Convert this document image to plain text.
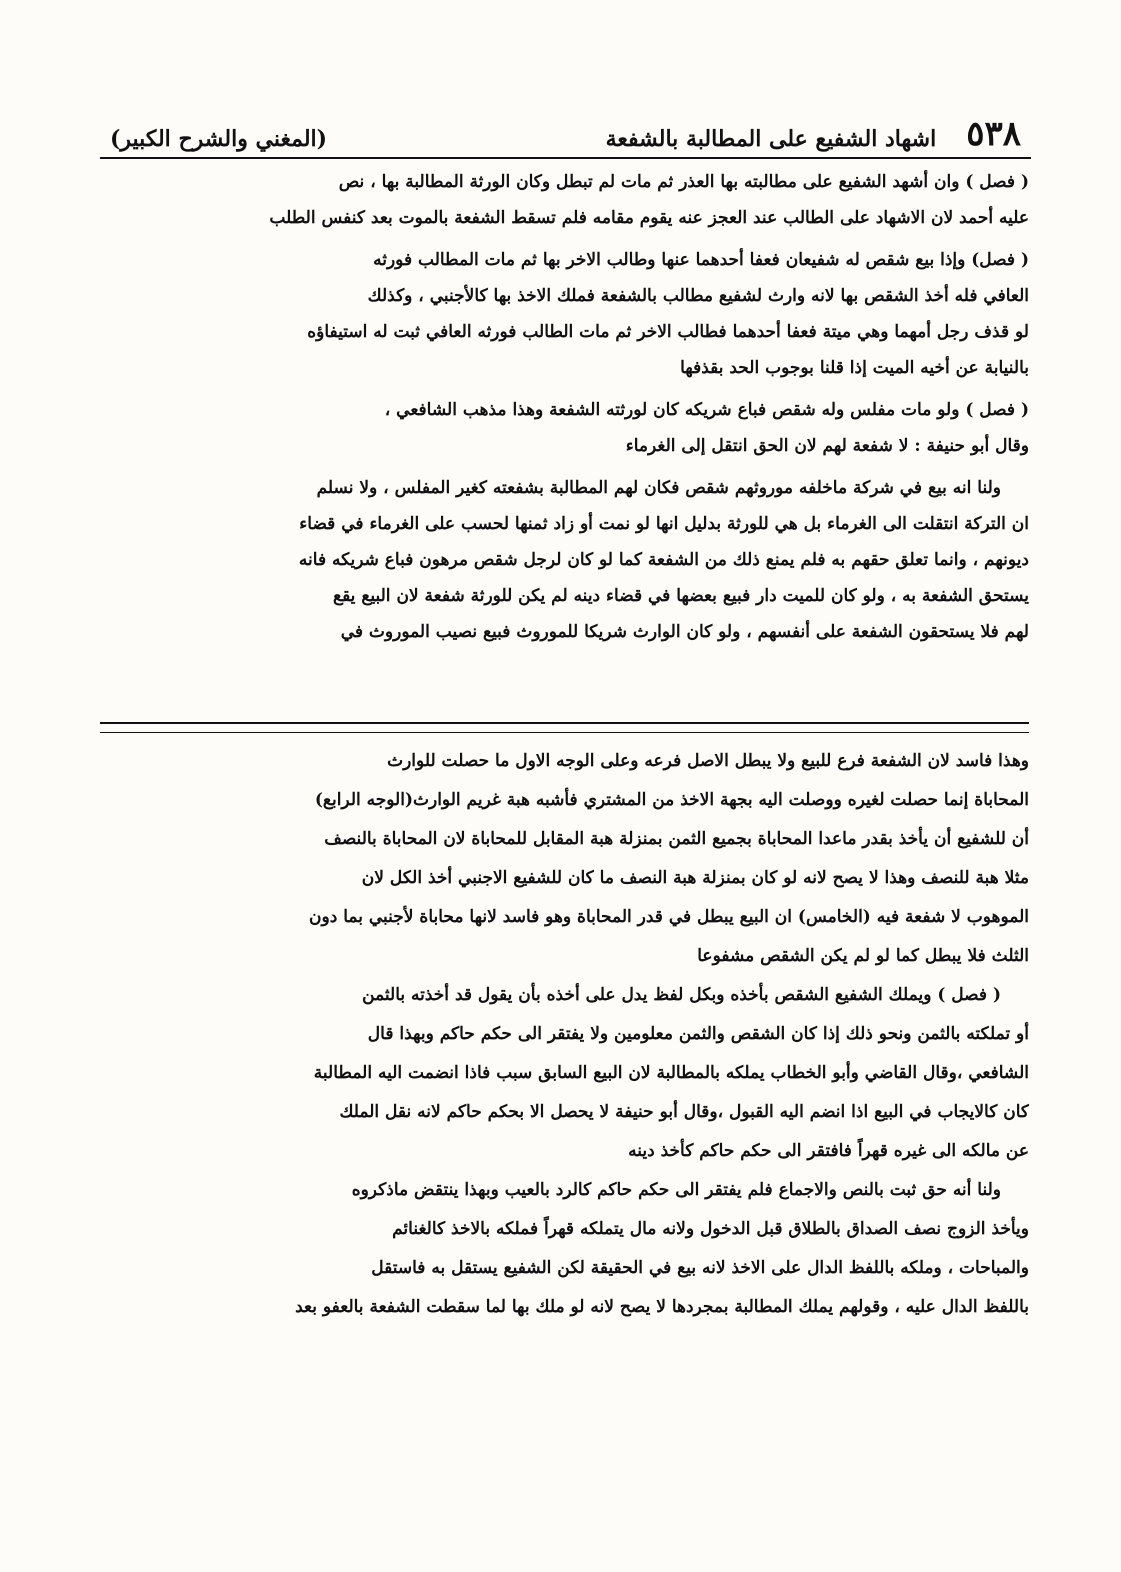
٥٣٨
اشهاد الشفيع على المطالبة بالشفعة
(المغني والشرح الكبير)
( فصل ) وان أشهد الشفيع على مطالبته بها العذر ثم مات لم تبطل وكان الورثة المطالبة بها ، نص
عليه أحمد لان الاشهاد على الطالب عند العجز عنه يقوم مقامه فلم تسقط الشفعة بالموت بعد كنفس الطلب
( فصل) وإذا بيع شقص له شفيعان فعفا أحدهما عنها وطالب الاخر بها ثم مات المطالب فورثه
العافي فله أخذ الشقص بها لانه وارث لشفيع مطالب بالشفعة فملك الاخذ بها كالأجنبي ، وكذلك
لو قذف رجل أمهما وهي ميتة فعفا أحدهما فطالب الاخر ثم مات الطالب فورثه العافي ثبت له استيفاؤه
بالنيابة عن أخيه الميت إذا قلنا بوجوب الحد بقذفها
( فصل ) ولو مات مفلس وله شقص فباع شريكه كان لورثته الشفعة وهذا مذهب الشافعي ،
وقال أبو حنيفة : لا شفعة لهم لان الحق انتقل إلى الغرماء
ولنا انه بيع في شركة ماخلفه موروثهم شقص فكان لهم المطالبة بشفعته كغير المفلس ، ولا نسلم
ان التركة انتقلت الى الغرماء بل هي للورثة بدليل انها لو نمت أو زاد ثمنها لحسب على الغرماء في قضاء
ديونهم ، وانما تعلق حقهم به فلم يمنع ذلك من الشفعة كما لو كان لرجل شقص مرهون فباع شريكه فانه
يستحق الشفعة به ، ولو كان للميت دار فبيع بعضها في قضاء دينه لم يكن للورثة شفعة لان البيع يقع
لهم فلا يستحقون الشفعة على أنفسهم ، ولو كان الوارث شريكا للموروث فبيع نصيب الموروث في
وهذا فاسد لان الشفعة فرع للبيع ولا يبطل الاصل فرعه وعلى الوجه الاول ما حصلت للوارث
المحاباة إنما حصلت لغيره ووصلت اليه بجهة الاخذ من المشتري فأشبه هبة غريم الوارث(الوجه الرابع)
أن للشفيع أن يأخذ بقدر ماعدا المحاباة بجميع الثمن بمنزلة هبة المقابل للمحاباة لان المحاباة بالنصف
مثلا هبة للنصف وهذا لا يصح لانه لو كان بمنزلة هبة النصف ما كان للشفيع الاجنبي أخذ الكل لان
الموهوب لا شفعة فيه (الخامس) ان البيع يبطل في قدر المحاباة وهو فاسد لانها محاباة لأجنبي بما دون
الثلث فلا يبطل كما لو لم يكن الشقص مشفوعا
( فصل ) ويملك الشفيع الشقص بأخذه وبكل لفظ يدل على أخذه بأن يقول قد أخذته بالثمن
أو تملكته بالثمن ونحو ذلك إذا كان الشقص والثمن معلومين ولا يفتقر الى حكم حاكم وبهذا قال
الشافعي ،وقال القاضي وأبو الخطاب يملكه بالمطالبة لان البيع السابق سبب فاذا انضمت اليه المطالبة
كان كالايجاب في البيع اذا انضم اليه القبول ،وقال أبو حنيفة لا يحصل الا بحكم حاكم لانه نقل الملك
عن مالكه الى غيره قهراً فافتقر الى حكم حاكم كأخذ دينه
ولنا أنه حق ثبت بالنص والاجماع فلم يفتقر الى حكم حاكم كالرد بالعيب وبهذا ينتقض ماذكروه
ويأخذ الزوج نصف الصداق بالطلاق قبل الدخول ولانه مال يتملكه قهراً فملكه بالاخذ كالغنائم
والمباحات ، وملكه باللفظ الدال على الاخذ لانه بيع في الحقيقة لكن الشفيع يستقل به فاستقل
باللفظ الدال عليه ، وقولهم يملك المطالبة بمجردها لا يصح لانه لو ملك بها لما سقطت الشفعة بالعفو بعد
